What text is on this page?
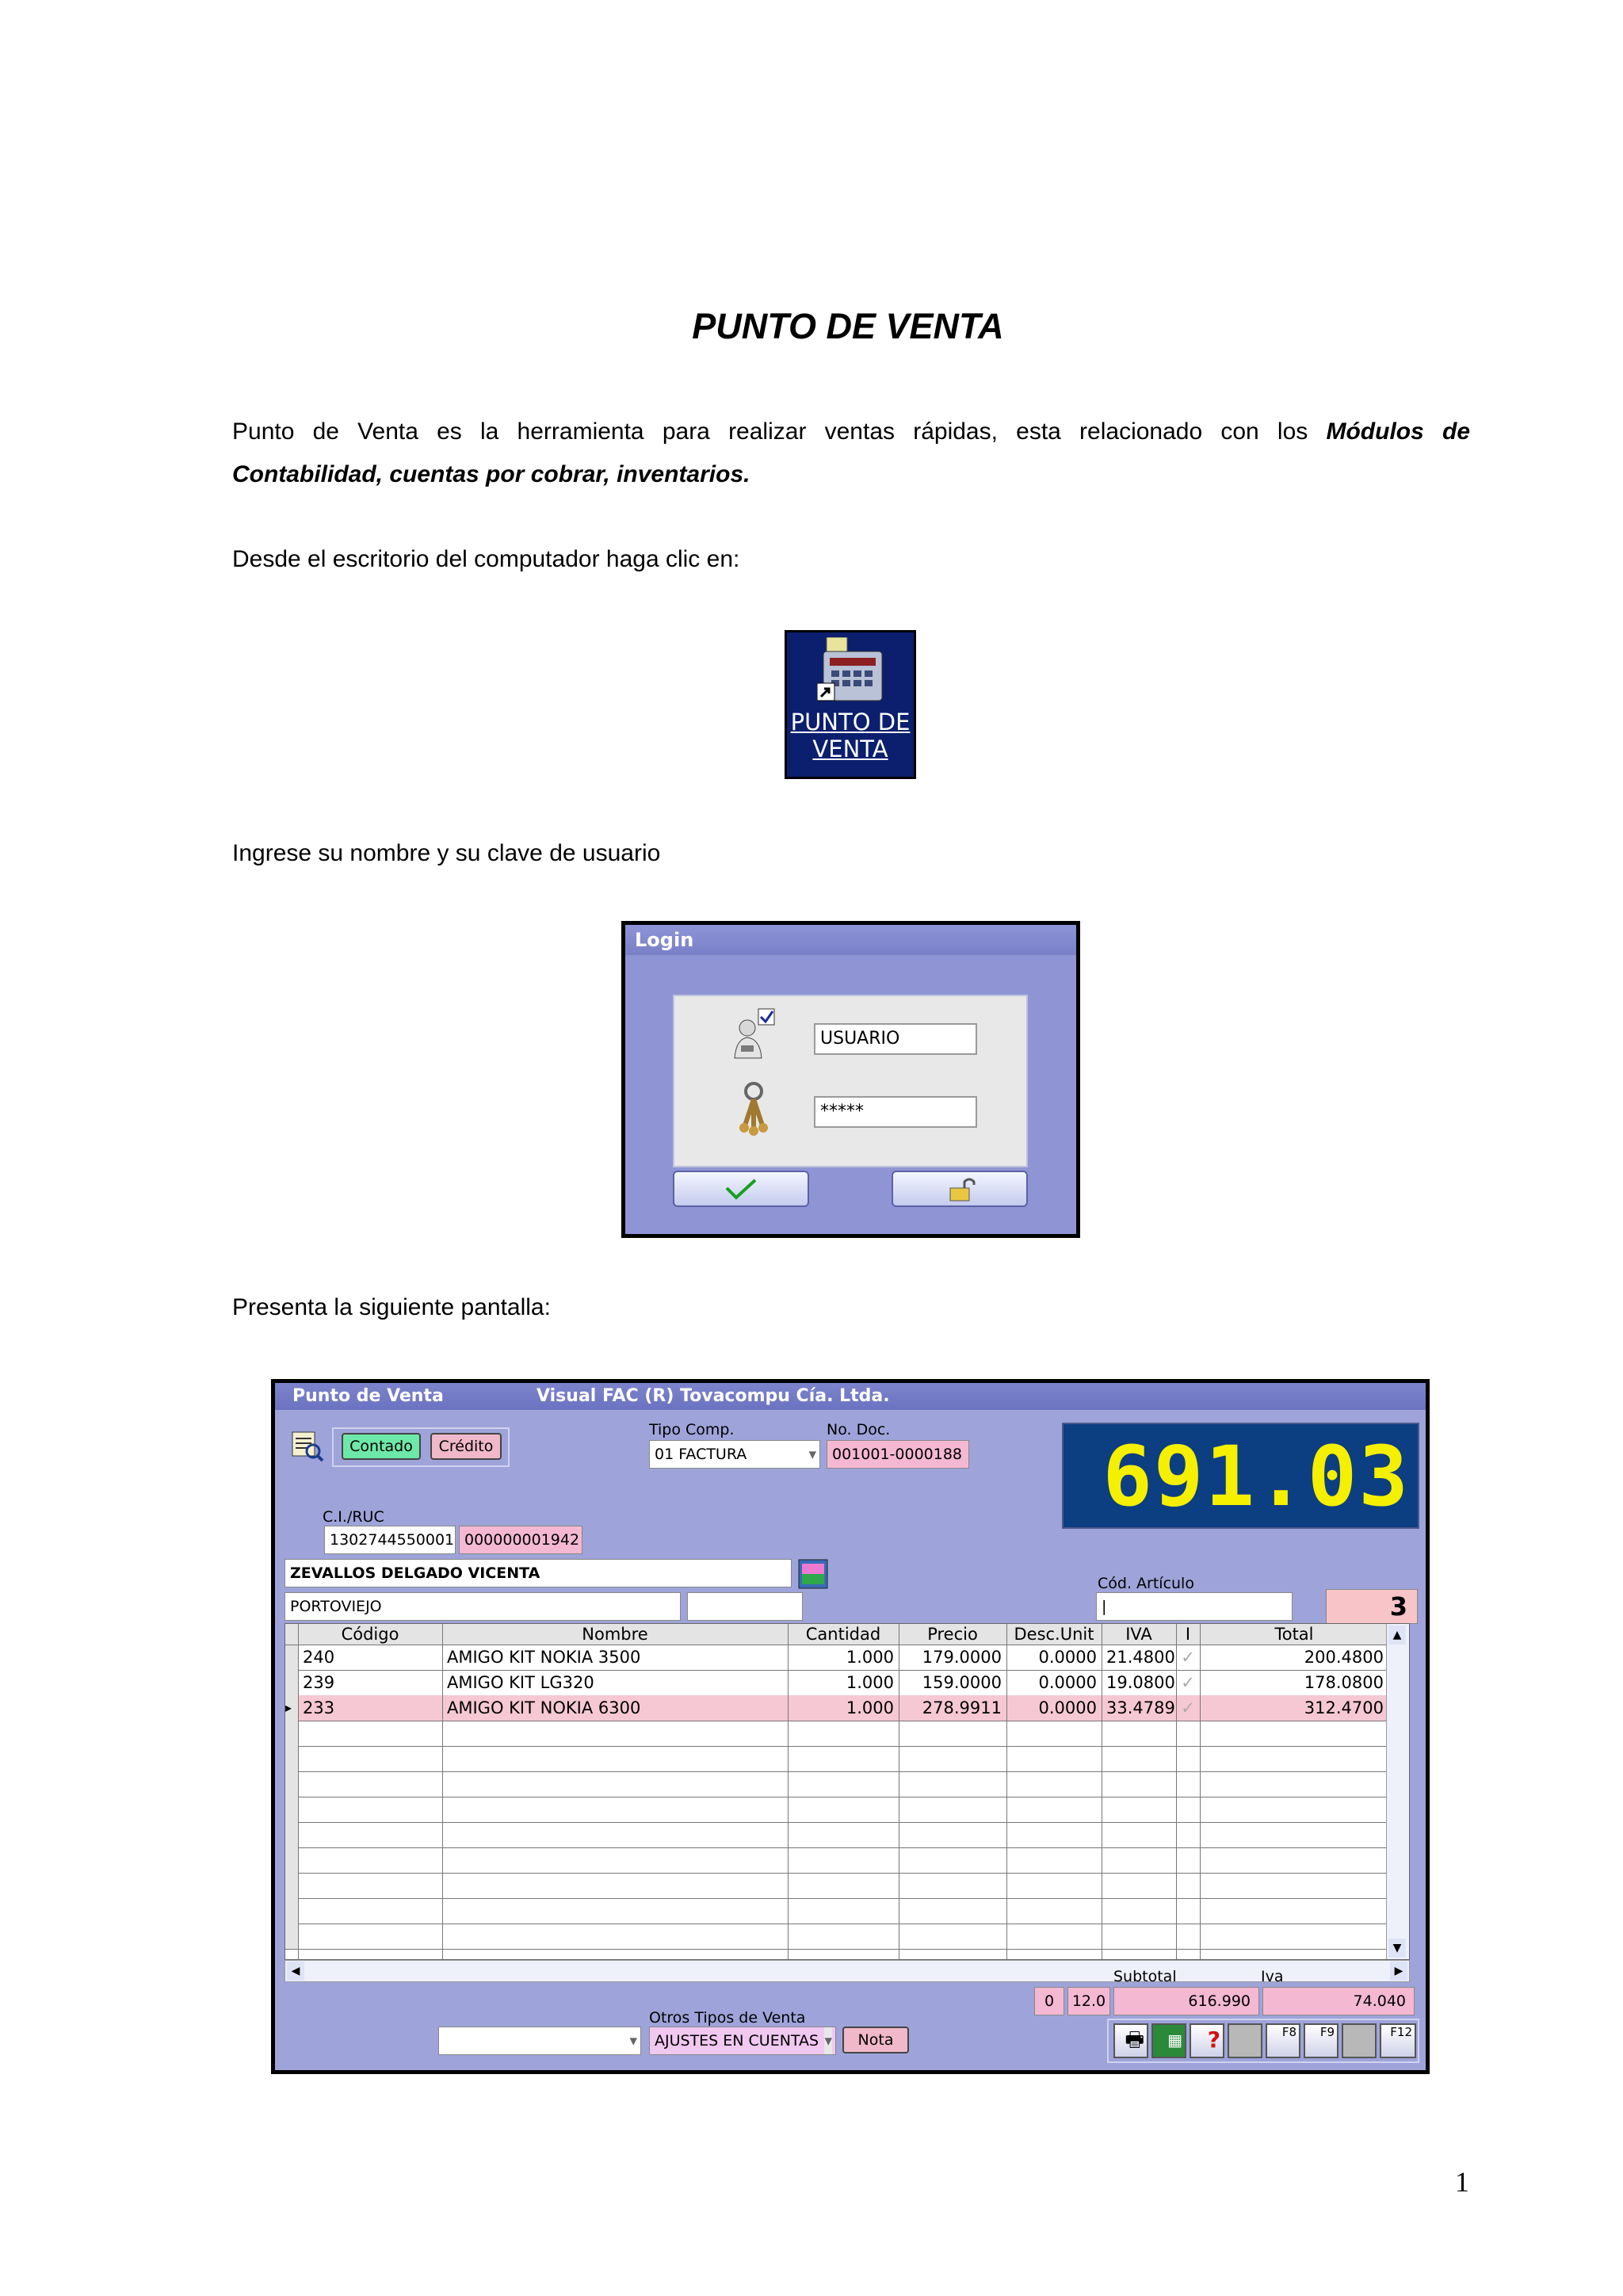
PUNTO DE VENTA
Punto de Venta es la herramienta para realizar ventas rápidas, esta relacionado con los Módulos de
Contabilidad, cuentas por cobrar, inventarios.
Desde el escritorio del computador haga clic en:
PUNTO DE
VENTA
Ingrese su nombre y su clave de usuario
Login
USUARIO
*****
Presenta la siguiente pantalla:
Punto de Venta	Visual FAC (R) Tovacompu Cía. Ltda.
Contado	Crédito
Tipo Comp.
01 FACTURA	▾
No. Doc.
001001-0000188 691.03
C.I./RUC
1302744550001 000000001942
ZEVALLOS DELGADO VICENTA
PORTOVIEJO
Cód. Artículo
|	3
Código	Nombre	Cantidad	Precio	Desc.Unit	IVA	I	Total
240	AMIGO KIT NOKIA 3500	1.000	179.0000	0.0000 21.4800 ✓	200.4800
239	AMIGO KIT LG320	1.000	159.0000	0.0000 19.0800 ✓	178.0800
▸ 233	AMIGO KIT NOKIA 6300	1.000	278.9911	0.0000 33.4789 ✓	312.4700
▲
▼
◀	▶
Subtotal	Iva
0	12.0	616.990	74.040
Otros Tipos de Venta
▾	AJUSTES EN CUENTAS ▾	Nota	🖶	▦	?	F8	F9	F12
1
